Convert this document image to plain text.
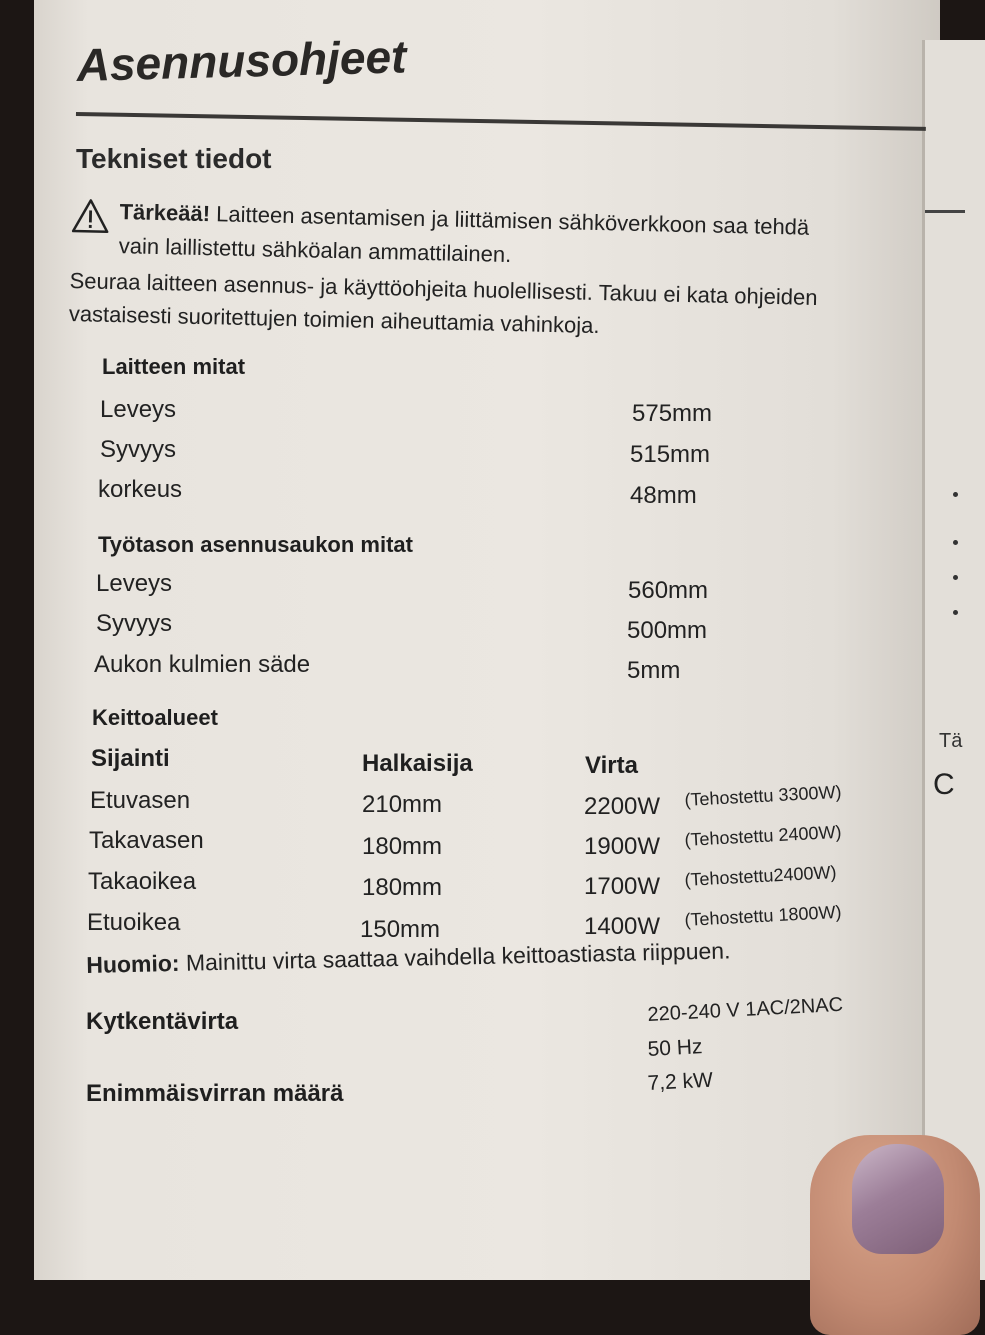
Tä
C
Asennusohjeet
Tekniset tiedot
Tärkeää! Laitteen asentamisen ja liittämisen sähköverkkoon saa tehdä vain laillistettu sähköalan ammattilainen.
Seuraa laitteen asennus- ja käyttöohjeita huolellisesti. Takuu ei kata ohjeiden vastaisesti suoritettujen toimien aiheuttamia vahinkoja.
Laitteen mitat
Leveys	575mm
Syvyys	515mm
korkeus	48mm
Työtason asennusaukon mitat
Leveys	560mm
Syvyys	500mm
Aukon kulmien säde	5mm
Keittoalueet
Sijainti	Halkaisija	Virta
Etuvasen	210mm	2200W (Tehostettu 3300W)
Takavasen	180mm	1900W (Tehostettu 2400W)
Takaoikea	180mm	1700W (Tehostettu2400W)
Etuoikea	150mm	1400W (Tehostettu 1800W)
Huomio: Mainittu virta saattaa vaihdella keittoastiasta riippuen.
Kytkentävirta	220-240 V 1AC/2NAC
50 Hz
Enimmäisvirran määrä	7,2 kW
